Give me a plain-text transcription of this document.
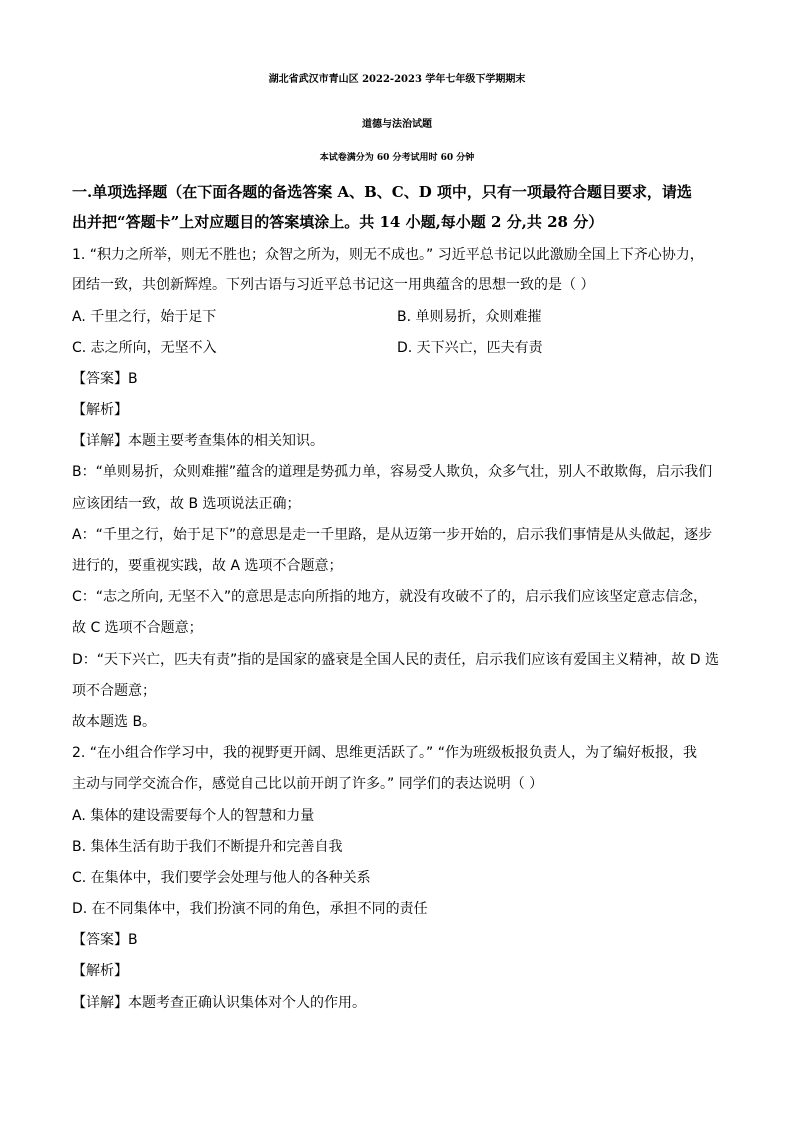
湖北省武汉市青山区 2022-2023 学年七年级下学期期末
道德与法治试题
本试卷满分为 60 分考试用时 60 分钟
一.单项选择题（在下面各题的备选答案 A、B、C、D 项中，只有一项最符合题目要求，请选
出并把“答题卡”上对应题目的答案填涂上。共 14 小题,每小题 2 分,共 28 分）
1. “积力之所举，则无不胜也；众智之所为，则无不成也。” 习近平总书记以此激励全国上下齐心协力，
团结一致，共创新辉煌。下列古语与习近平总书记这一用典蕴含的思想一致的是（ ）
A. 千里之行，始于足下	B. 单则易折，众则难摧
C. 志之所向，无坚不入	D. 天下兴亡，匹夫有责
【答案】B
【解析】
【详解】本题主要考查集体的相关知识。
B：“单则易折，众则难摧”蕴含的道理是势孤力单，容易受人欺负，众多气壮，别人不敢欺侮，启示我们
应该团结一致，故 B 选项说法正确；
A：“千里之行，始于足下”的意思是走一千里路，是从迈第一步开始的，启示我们事情是从头做起，逐步
进行的，要重视实践，故 A 选项不合题意；
C：“志之所向, 无坚不入”的意思是志向所指的地方，就没有攻破不了的，启示我们应该坚定意志信念，
故 C 选项不合题意；
D：“天下兴亡，匹夫有责”指的是国家的盛衰是全国人民的责任，启示我们应该有爱国主义精神，故 D 选
项不合题意；
故本题选 B。
2. “在小组合作学习中，我的视野更开阔、思维更活跃了。” “作为班级板报负责人，为了编好板报，我
主动与同学交流合作，感觉自己比以前开朗了许多。” 同学们的表达说明（ ）
A. 集体的建设需要每个人的智慧和力量
B. 集体生活有助于我们不断提升和完善自我
C. 在集体中，我们要学会处理与他人的各种关系
D. 在不同集体中，我们扮演不同的角色，承担不同的责任
【答案】B
【解析】
【详解】本题考查正确认识集体对个人的作用。
